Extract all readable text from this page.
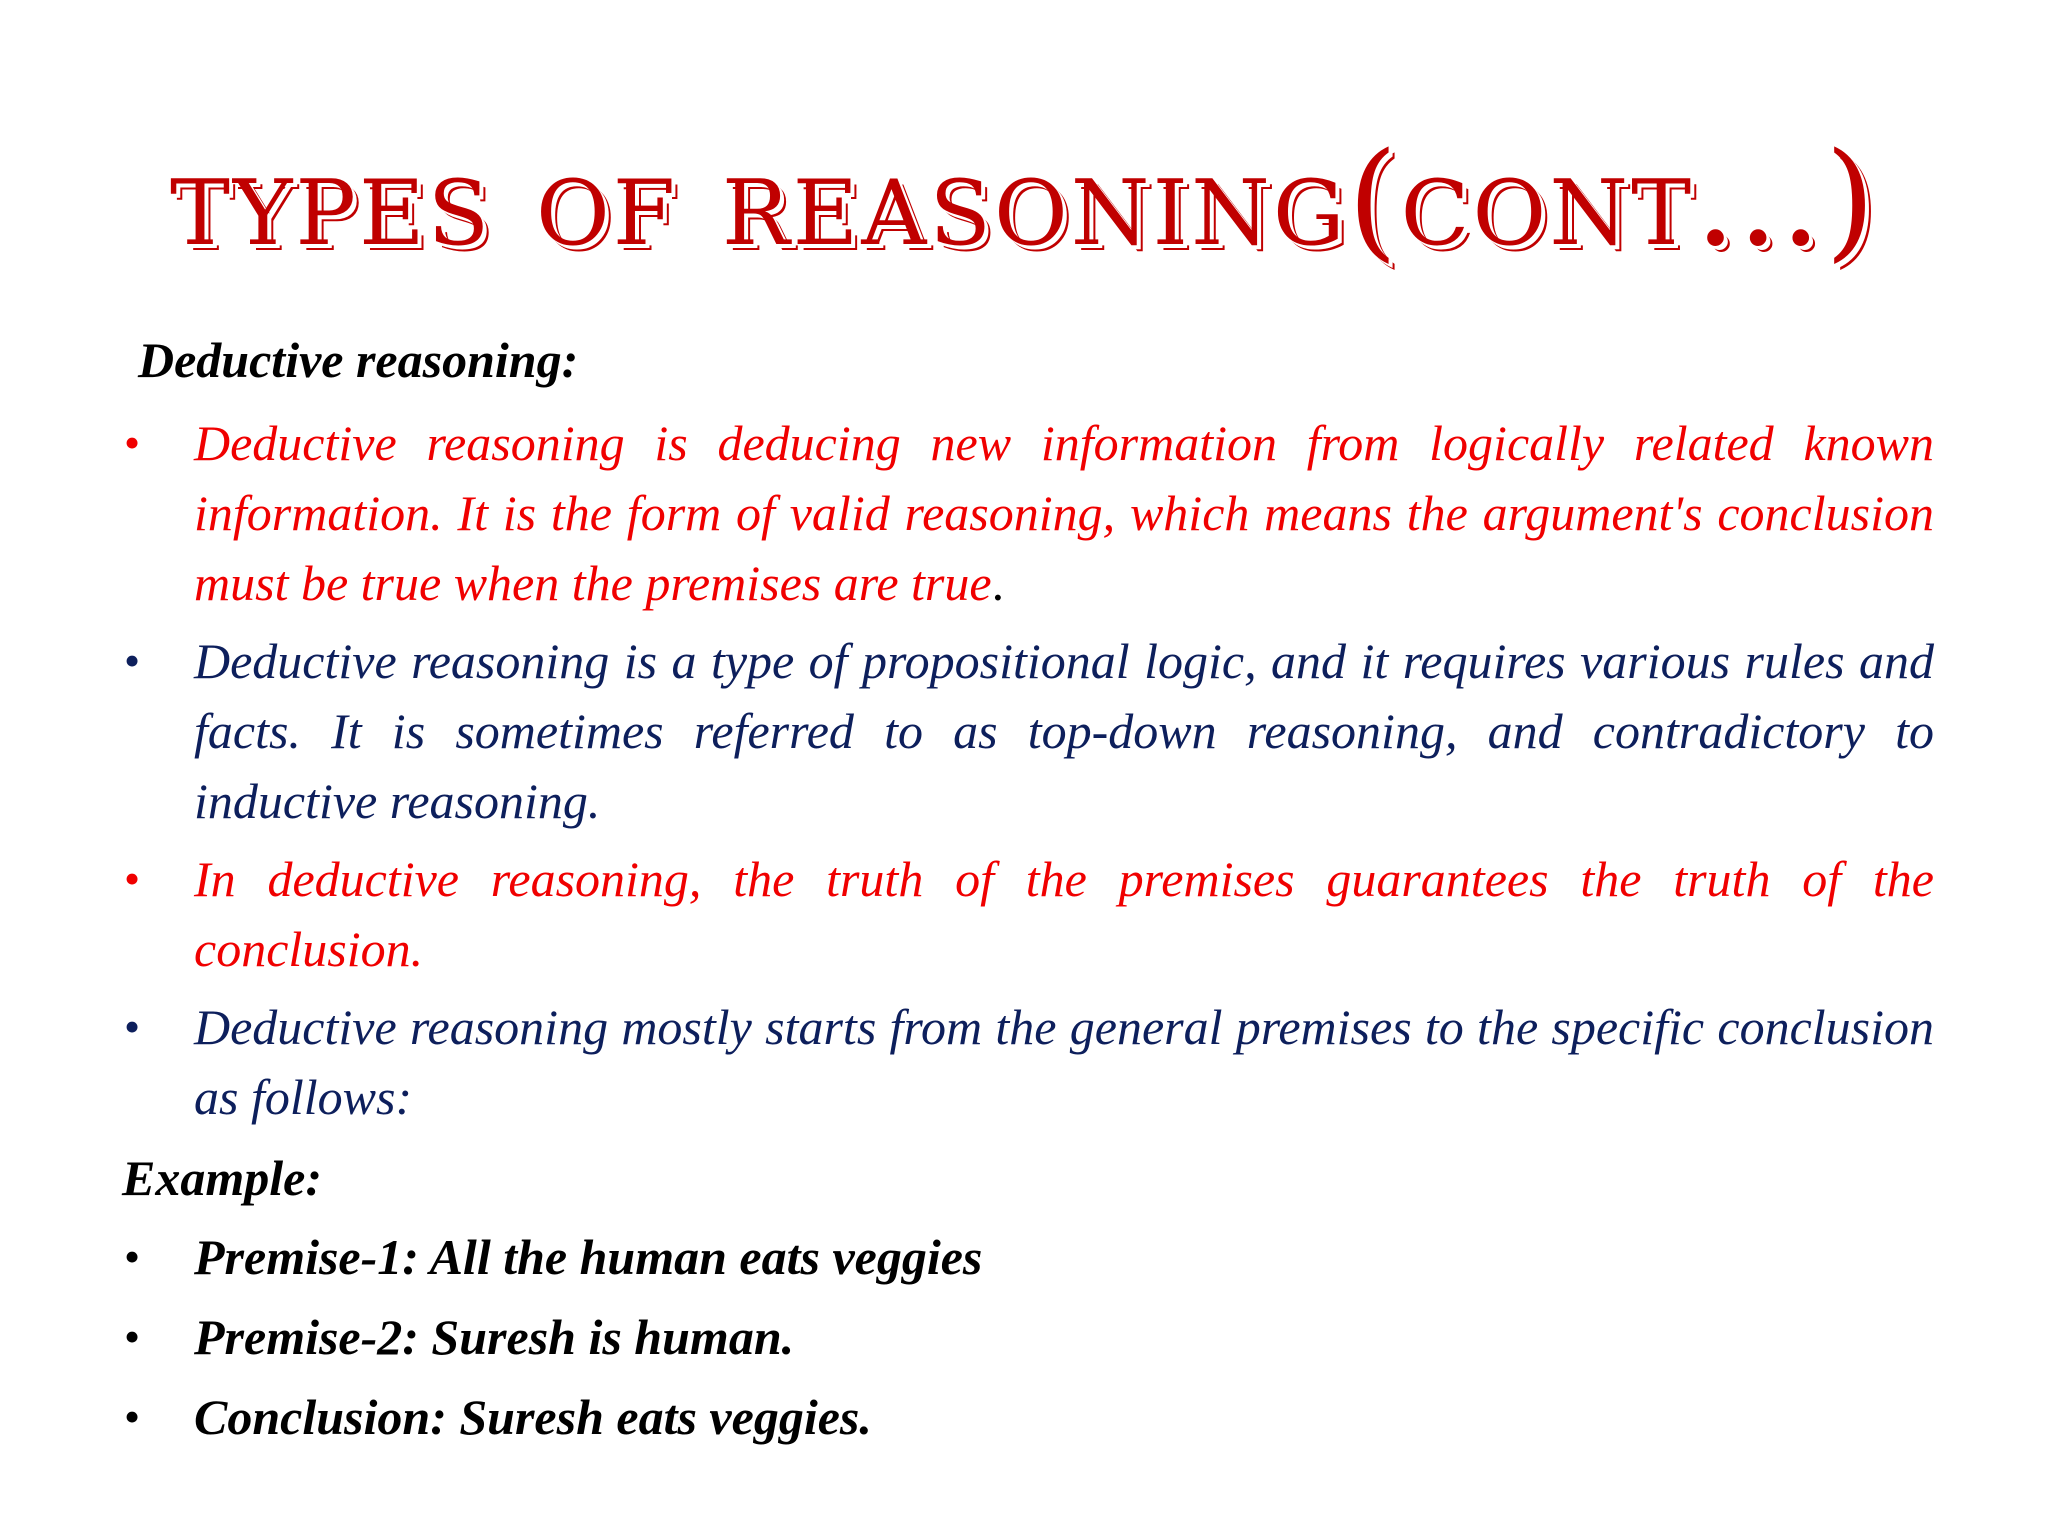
types of reasoning(cont…)
Deductive reasoning:
• Deductive reasoning is deducing new information from logically related known information. It is the form of valid reasoning, which means the argument's conclusion must be true when the premises are true.
• Deductive reasoning is a type of propositional logic, and it requires various rules and facts. It is sometimes referred to as top-down reasoning, and contradictory to inductive reasoning.
• In deductive reasoning, the truth of the premises guarantees the truth of the conclusion.
• Deductive reasoning mostly starts from the general premises to the specific conclusion as follows:
Example:
• Premise-1: All the human eats veggies
• Premise-2: Suresh is human.
• Conclusion: Suresh eats veggies.
